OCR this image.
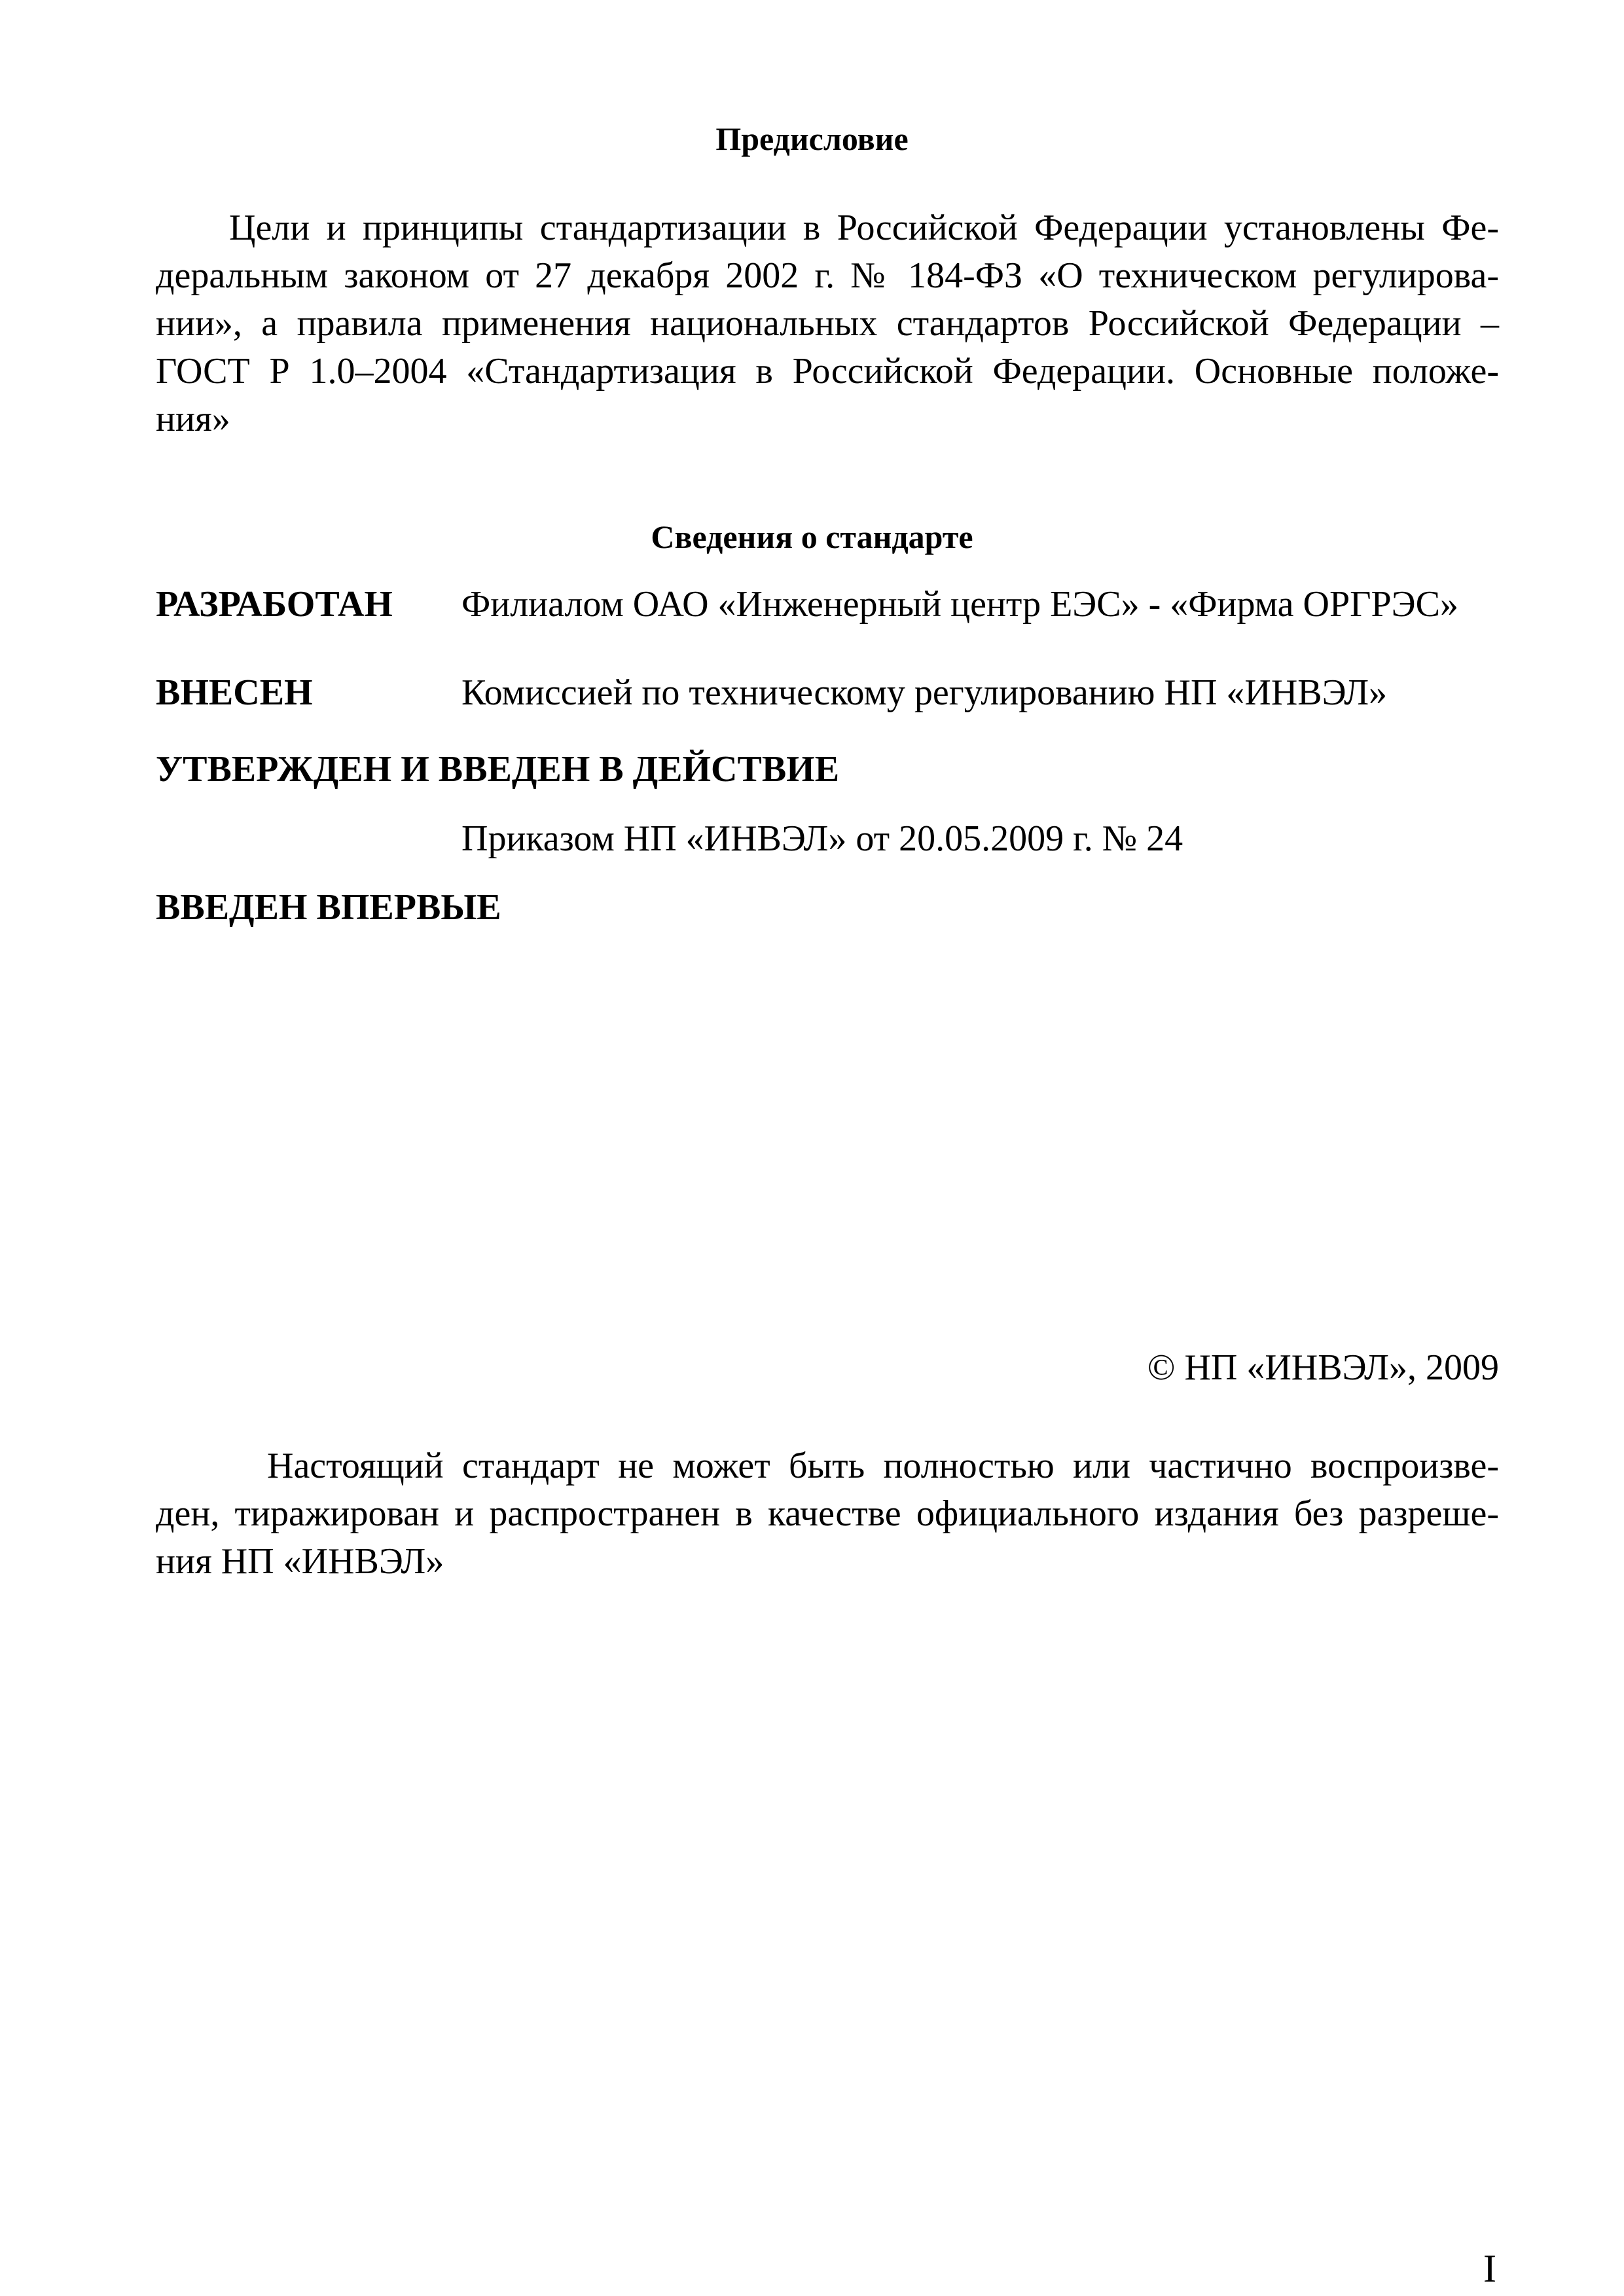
Предисловие
Цели и принципы стандартизации в Российской Федерации установлены Фе-
деральным законом от 27 декабря 2002 г. № 184-ФЗ «О техническом регулирова-
нии», а правила применения национальных стандартов Российской Федерации –
ГОСТ Р 1.0–2004 «Стандартизация в Российской Федерации. Основные положе-
ния»
Сведения о стандарте
РАЗРАБОТАН Филиалом ОАО «Инженерный центр ЕЭС» - «Фирма ОРГРЭС»
ВНЕСЕН	Комиссией по техническому регулированию НП «ИНВЭЛ»
УТВЕРЖДЕН И ВВЕДЕН В ДЕЙСТВИЕ
Приказом НП «ИНВЭЛ» от 20.05.2009 г. № 24
ВВЕДЕН ВПЕРВЫЕ
© НП «ИНВЭЛ», 2009
Настоящий стандарт не может быть полностью или частично воспроизве-
ден, тиражирован и распространен в качестве официального издания без разреше-
ния НП «ИНВЭЛ»
I
